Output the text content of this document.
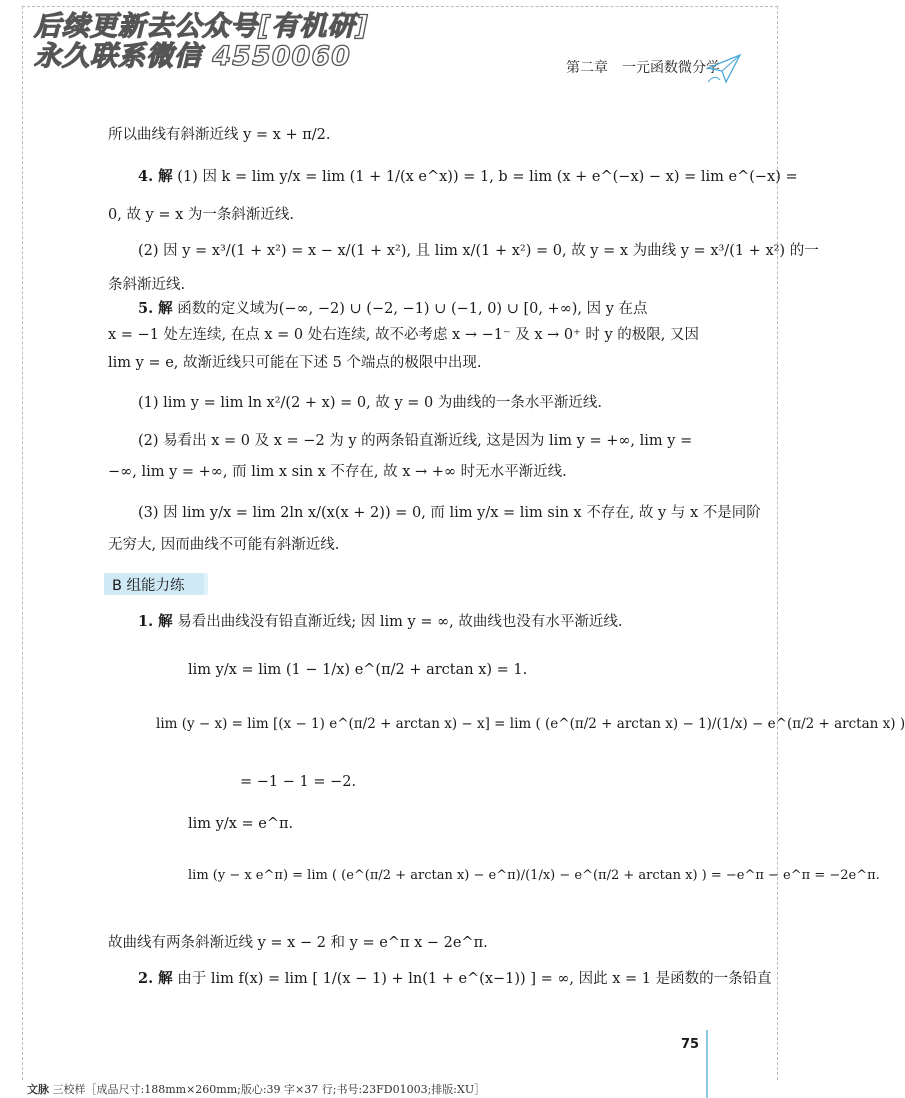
后续更新去公众号[有机研]
永久联系微信 4550060	第二章　一元函数微分学
所以曲线有斜渐近线 y = x + π/2.
4. 解 (1) 因 k = lim y/x = lim (1 + 1/(x e^x)) = 1, b = lim (x + e^(−x) − x) = lim e^(−x) =
0, 故 y = x 为一条斜渐近线.
(2) 因 y = x³/(1 + x²) = x − x/(1 + x²), 且 lim x/(1 + x²) = 0, 故 y = x 为曲线 y = x³/(1 + x²) 的一
条斜渐近线.
5. 解 函数的定义域为(−∞, −2) ∪ (−2, −1) ∪ (−1, 0) ∪ [0, +∞), 因 y 在点
x = −1 处左连续, 在点 x = 0 处右连续, 故不必考虑 x → −1⁻ 及 x → 0⁺ 时 y 的极限, 又因
lim y = e, 故渐近线只可能在下述 5 个端点的极限中出现.
(1) lim y = lim ln x²/(2 + x) = 0, 故 y = 0 为曲线的一条水平渐近线.
(2) 易看出 x = 0 及 x = −2 为 y 的两条铅直渐近线, 这是因为 lim y = +∞, lim y =
−∞, lim y = +∞, 而 lim x sin x 不存在, 故 x → +∞ 时无水平渐近线.
(3) 因 lim y/x = lim 2ln x/(x(x + 2)) = 0, 而 lim y/x = lim sin x 不存在, 故 y 与 x 不是同阶
无穷大, 因而曲线不可能有斜渐近线.
1. 解 易看出曲线没有铅直渐近线; 因 lim y = ∞, 故曲线也没有水平渐近线.
lim y/x = lim (1 − 1/x) e^(π/2 + arctan x) = 1.
lim (y − x) = lim [(x − 1) e^(π/2 + arctan x) − x] = lim ( (e^(π/2 + arctan x) − 1)/(1/x) − e^(π/2 + arctan x) )
= −1 − 1 = −2.
lim y/x = e^π.
lim (y − x e^π) = lim ( (e^(π/2 + arctan x) − e^π)/(1/x) − e^(π/2 + arctan x) ) = −e^π − e^π = −2e^π.
故曲线有两条斜渐近线 y = x − 2 和 y = e^π x − 2e^π.
2. 解 由于 lim f(x) = lim [ 1/(x − 1) + ln(1 + e^(x−1)) ] = ∞, 因此 x = 1 是函数的一条铅直
B 组能力练
75
文脉 三校样［成品尺寸:188mm×260mm;版心:39 字×37 行;书号:23FD01003;排版:XU］
